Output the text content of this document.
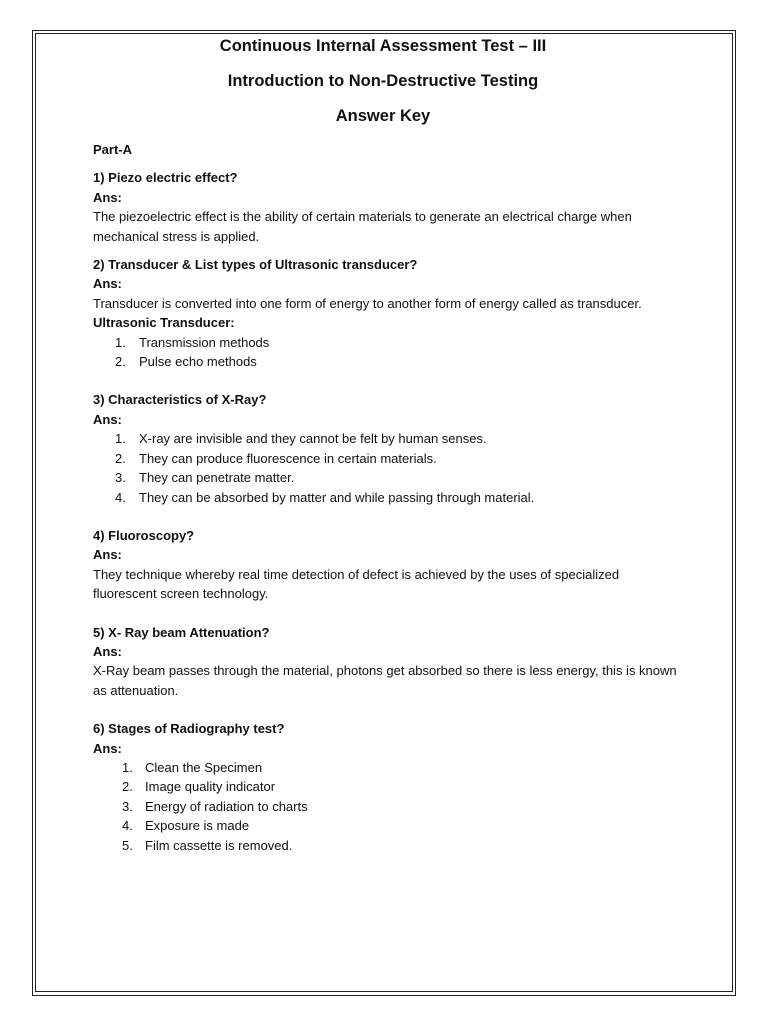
Continuous Internal Assessment Test – III

Introduction to Non-Destructive Testing

Answer Key

Part-A
1) Piezo electric effect?
Ans:

The piezoelectric effect is the ability of certain materials to generate an electrical charge when mechanical stress is applied.

2) Transducer & List types of Ultrasonic transducer?
Ans:

Transducer is converted into one form of energy to another form of energy called as transducer.

Ultrasonic Transducer:
1.	Transmission methods
2.	Pulse echo methods
3) Characteristics of X-Ray?
Ans:
1.	X-ray are invisible and they cannot be felt by human senses.
2.	They can produce fluorescence in certain materials.
3.	They can penetrate matter.
4.	They can be absorbed by matter and while passing through material.
4) Fluoroscopy?
Ans:

They technique whereby real time detection of defect is achieved by the uses of specialized fluorescent screen technology.

5) X- Ray beam Attenuation?
Ans:

X-Ray beam passes through the material, photons get absorbed so there is less energy, this is known as attenuation.

6) Stages of Radiography test?
Ans:
1. Clean the Specimen
2. Image quality indicator
3. Energy of radiation to charts
4. Exposure is made
5. Film cassette is removed.
